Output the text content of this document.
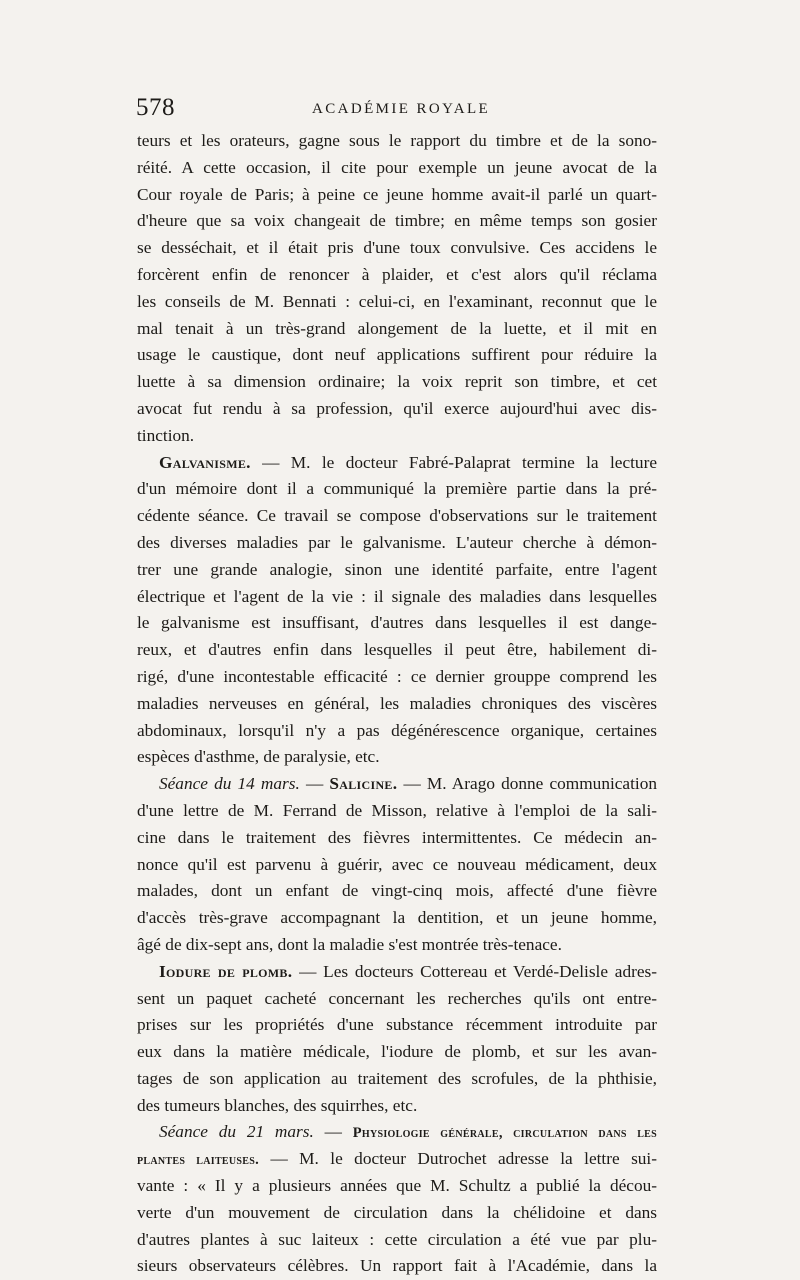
578	ACADÉMIE ROYALE
teurs et les orateurs, gagne sous le rapport du timbre et de la sono-
réité. A cette occasion, il cite pour exemple un jeune avocat de la
Cour royale de Paris; à peine ce jeune homme avait-il parlé un quart-
d'heure que sa voix changeait de timbre; en même temps son gosier
se desséchait, et il était pris d'une toux convulsive. Ces accidens le
forcèrent enfin de renoncer à plaider, et c'est alors qu'il réclama
les conseils de M. Bennati : celui-ci, en l'examinant, reconnut que le
mal tenait à un très-grand alongement de la luette, et il mit en
usage le caustique, dont neuf applications suffirent pour réduire la
luette à sa dimension ordinaire; la voix reprit son timbre, et cet
avocat fut rendu à sa profession, qu'il exerce aujourd'hui avec dis-
tinction.
Galvanisme. — M. le docteur Fabré-Palaprat termine la lecture
d'un mémoire dont il a communiqué la première partie dans la pré-
cédente séance. Ce travail se compose d'observations sur le traitement
des diverses maladies par le galvanisme. L'auteur cherche à démon-
trer une grande analogie, sinon une identité parfaite, entre l'agent
électrique et l'agent de la vie : il signale des maladies dans lesquelles
le galvanisme est insuffisant, d'autres dans lesquelles il est dange-
reux, et d'autres enfin dans lesquelles il peut être, habilement di-
rigé, d'une incontestable efficacité : ce dernier grouppe comprend les
maladies nerveuses en général, les maladies chroniques des viscères
abdominaux, lorsqu'il n'y a pas dégénérescence organique, certaines
espèces d'asthme, de paralysie, etc.
Séance du 14 mars. — Salicine. — M. Arago donne communication
d'une lettre de M. Ferrand de Misson, relative à l'emploi de la sali-
cine dans le traitement des fièvres intermittentes. Ce médecin an-
nonce qu'il est parvenu à guérir, avec ce nouveau médicament, deux
malades, dont un enfant de vingt-cinq mois, affecté d'une fièvre
d'accès très-grave accompagnant la dentition, et un jeune homme,
âgé de dix-sept ans, dont la maladie s'est montrée très-tenace.
Iodure de plomb. — Les docteurs Cottereau et Verdé-Delisle adres-
sent un paquet cacheté concernant les recherches qu'ils ont entre-
prises sur les propriétés d'une substance récemment introduite par
eux dans la matière médicale, l'iodure de plomb, et sur les avan-
tages de son application au traitement des scrofules, de la phthisie,
des tumeurs blanches, des squirrhes, etc.
Séance du 21 mars. — Physiologie générale, circulation dans les
plantes laiteuses. — M. le docteur Dutrochet adresse la lettre sui-
vante : « Il y a plusieurs années que M. Schultz a publié la décou-
verte d'un mouvement de circulation dans la chélidoine et dans
d'autres plantes à suc laiteux : cette circulation a été vue par plu-
sieurs observateurs célèbres. Un rapport fait à l'Académie, dans la
